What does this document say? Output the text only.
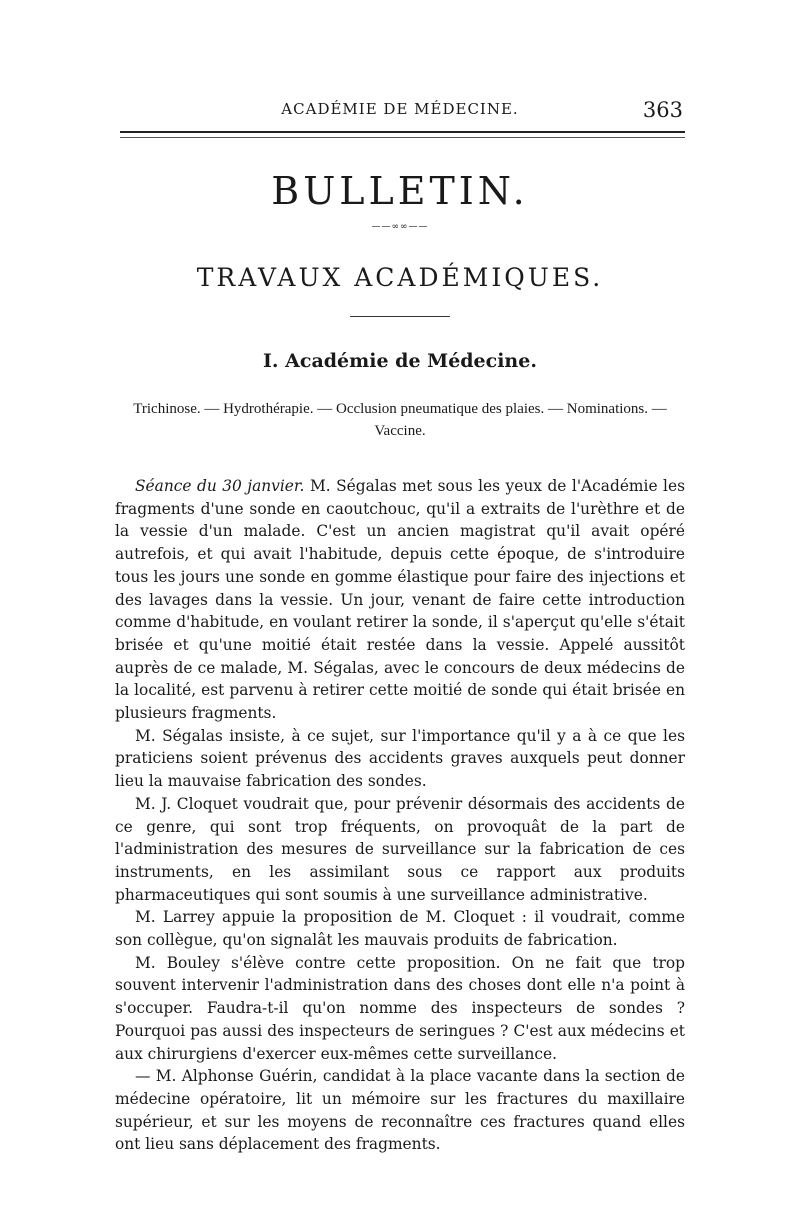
ACADÉMIE DE MÉDECINE.	363
BULLETIN.
——∞∞——
TRAVAUX ACADÉMIQUES.
I. Académie de Médecine.
Trichinose. — Hydrothérapie. — Occlusion pneumatique des plaies. — Nominations. — Vaccine.

Séance du 30 janvier. M. Ségalas met sous les yeux de l'Académie les fragments d'une sonde en caoutchouc, qu'il a extraits de l'urèthre et de la vessie d'un malade. C'est un ancien magistrat qu'il avait opéré autrefois, et qui avait l'habitude, depuis cette époque, de s'introduire tous les jours une sonde en gomme élastique pour faire des injections et des lavages dans la vessie. Un jour, venant de faire cette introduction comme d'habitude, en voulant retirer la sonde, il s'aperçut qu'elle s'était brisée et qu'une moitié était restée dans la vessie. Appelé aussitôt auprès de ce malade, M. Ségalas, avec le concours de deux médecins de la localité, est parvenu à retirer cette moitié de sonde qui était brisée en plusieurs fragments.

M. Ségalas insiste, à ce sujet, sur l'importance qu'il y a à ce que les praticiens soient prévenus des accidents graves auxquels peut donner lieu la mauvaise fabrication des sondes.

M. J. Cloquet voudrait que, pour prévenir désormais des accidents de ce genre, qui sont trop fréquents, on provoquât de la part de l'administration des mesures de surveillance sur la fabrication de ces instruments, en les assimilant sous ce rapport aux produits pharmaceutiques qui sont soumis à une surveillance administrative.

M. Larrey appuie la proposition de M. Cloquet : il voudrait, comme son collègue, qu'on signalât les mauvais produits de fabrication.

M. Bouley s'élève contre cette proposition. On ne fait que trop souvent intervenir l'administration dans des choses dont elle n'a point à s'occuper. Faudra-t-il qu'on nomme des inspecteurs de sondes ? Pourquoi pas aussi des inspecteurs de seringues ? C'est aux médecins et aux chirurgiens d'exercer eux-mêmes cette surveillance.

— M. Alphonse Guérin, candidat à la place vacante dans la section de médecine opératoire, lit un mémoire sur les fractures du maxillaire supérieur, et sur les moyens de reconnaître ces fractures quand elles ont lieu sans déplacement des fragments.
